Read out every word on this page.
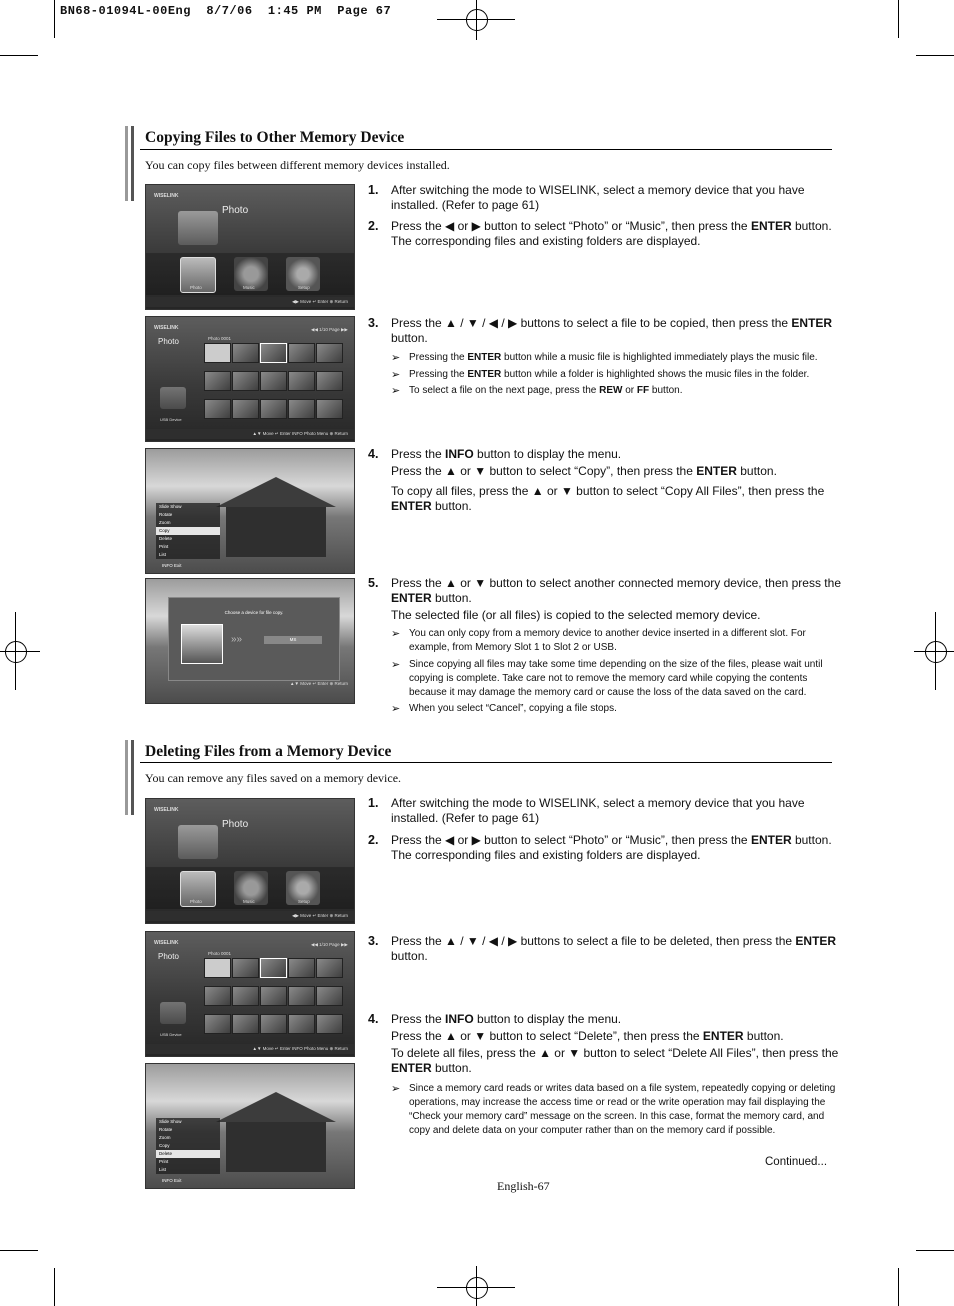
BN68-01094L-00Eng  8/7/06  1:45 PM  Page 67
Copying Files to Other Memory Device
You can copy files between different memory devices installed.
WISELINK
Photo
Photo	Music	Setup
◀▶ Move ↵ Enter ⊕ Return
1. After switching the mode to WISELINK, select a memory device that you have installed. (Refer to page 61)

2. Press the ◀ or ▶ button to select “Photo” or “Music”, then press the ENTER button.

The corresponding files and existing folders are displayed.

WISELINK
Photo
◀◀ 1/10 Page ▶▶
Photo 0001
USB Device
▲▼ Move ↵ Enter INFO Photo Menu ⊕ Return
3. Press the ▲ / ▼ / ◀ / ▶ buttons to select a file to be copied, then press the ENTER button.

➢ Pressing the ENTER button while a music file is highlighted immediately plays the music file.
➢ Pressing the ENTER button while a folder is highlighted shows the music files in the folder.
➢ To select a file on the next page, press the REW or FF button.
Slide Show
Rotate
Zoom
Copy
Delete
Print
List
INFO Exit
4. Press the INFO button to display the menu.

Press the ▲ or ▼ button to select “Copy”, then press the ENTER button.

To copy all files, press the ▲ or ▼ button to select “Copy All Files”, then press the ENTER button.

Choose a device for file copy.
»»	MS
▲▼ Move ↵ Enter ⊕ Return
5. Press the ▲ or ▼ button to select another connected memory device, then press the ENTER button.

The selected file (or all files) is copied to the selected memory device.

➢ You can only copy from a memory device to another device inserted in a different slot. For example, from Memory Slot 1 to Slot 2 or USB.
➢ Since copying all files may take some time depending on the size of the files, please wait until copying is complete. Take care not to remove the memory card while copying the contents because it may damage the memory card or cause the loss of the data saved on the card.
➢ When you select “Cancel”, copying a file stops.
Deleting Files from a Memory Device
You can remove any files saved on a memory device.
WISELINK
Photo
Photo	Music	Setup
◀▶ Move ↵ Enter ⊕ Return
1. After switching the mode to WISELINK, select a memory device that you have installed. (Refer to page 61)

2. Press the ◀ or ▶ button to select “Photo” or “Music”, then press the ENTER button.

The corresponding files and existing folders are displayed.

WISELINK
Photo
◀◀ 1/10 Page ▶▶
Photo 0001
USB Device
▲▼ Move ↵ Enter INFO Photo Menu ⊕ Return
3. Press the ▲ / ▼ / ◀ / ▶ buttons to select a file to be deleted, then press the ENTER button.

Slide Show
Rotate
Zoom
Copy
Delete
Print
List
INFO Exit
4. Press the INFO button to display the menu.

Press the ▲ or ▼ button to select “Delete”, then press the ENTER button.

To delete all files, press the ▲ or ▼ button to select “Delete All Files”, then press the ENTER button.

➢ Since a memory card reads or writes data based on a file system, repeatedly copying or deleting operations, may increase the access time or read or the write operation may fail displaying the “Check your memory card” message on the screen. In this case, format the memory card, and copy and delete data on your computer rather than on the memory card if possible.
Continued...
English-67
